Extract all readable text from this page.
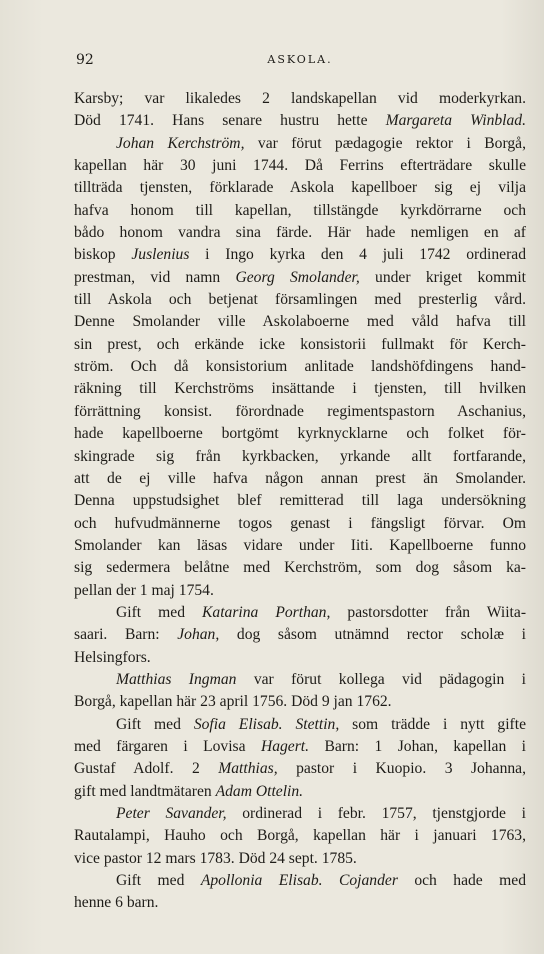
92	ASKOLA.
Karsby; var likaledes 2 landskapellan vid moderkyrkan.
Död 1741. Hans senare hustru hette Margareta Winblad.
Johan Kerchström, var förut pædagogie rektor i Borgå,
kapellan här 30 juni 1744. Då Ferrins efterträdare skulle
tillträda tjensten, förklarade Askola kapellboer sig ej vilja
hafva honom till kapellan, tillstängde kyrkdörrarne och
bådo honom vandra sina färde. Här hade nemligen en af
biskop Juslenius i Ingo kyrka den 4 juli 1742 ordinerad
prestman, vid namn Georg Smolander, under kriget kommit
till Askola och betjenat församlingen med presterlig vård.
Denne Smolander ville Askolaboerne med våld hafva till
sin prest, och erkände icke konsistorii fullmakt för Kerch-
ström. Och då konsistorium anlitade landshöfdingens hand-
räkning till Kerchströms insättande i tjensten, till hvilken
förrättning konsist. förordnade regimentspastorn Aschanius,
hade kapellboerne bortgömt kyrknycklarne och folket för-
skingrade sig från kyrkbacken, yrkande allt fortfarande,
att de ej ville hafva någon annan prest än Smolander.
Denna uppstudsighet blef remitterad till laga undersökning
och hufvudmännerne togos genast i fängsligt förvar. Om
Smolander kan läsas vidare under Iiti. Kapellboerne funno
sig sedermera belåtne med Kerchström, som dog såsom ka-
pellan der 1 maj 1754.
Gift med Katarina Porthan, pastorsdotter från Wiita-
saari. Barn: Johan, dog såsom utnämnd rector scholæ i
Helsingfors.
Matthias Ingman var förut kollega vid pädagogin i
Borgå, kapellan här 23 april 1756. Död 9 jan 1762.
Gift med Sofia Elisab. Stettin, som trädde i nytt gifte
med färgaren i Lovisa Hagert. Barn: 1 Johan, kapellan i
Gustaf Adolf. 2 Matthias, pastor i Kuopio. 3 Johanna,
gift med landtmätaren Adam Ottelin.
Peter Savander, ordinerad i febr. 1757, tjenstgjorde i
Rautalampi, Hauho och Borgå, kapellan här i januari 1763,
vice pastor 12 mars 1783. Död 24 sept. 1785.
Gift med Apollonia Elisab. Cojander och hade med
henne 6 barn.
